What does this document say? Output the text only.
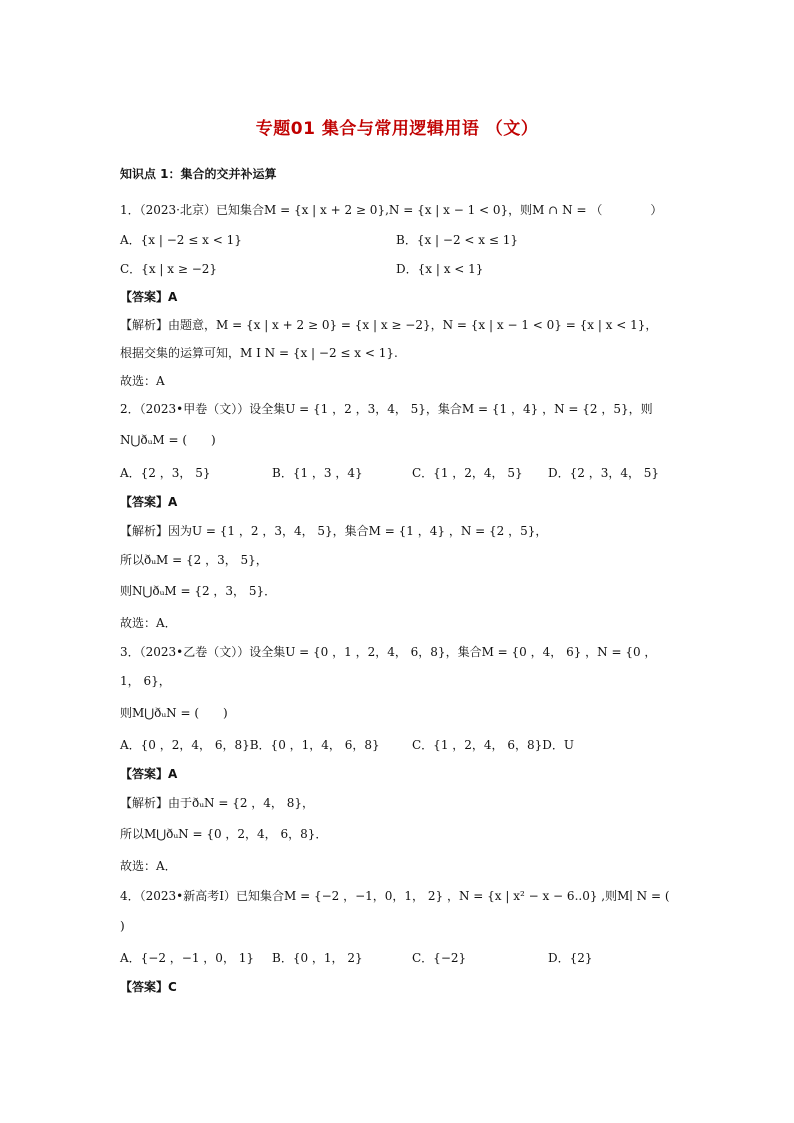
专题01 集合与常用逻辑用语 （文）
知识点 1：集合的交并补运算
1．（2023·北京）已知集合M = {x | x + 2 ≥ 0},N = {x | x − 1 < 0}，则M ∩ N = （　　　　）
A．{x | −2 ≤ x < 1}	B．{x | −2 < x ≤ 1}
C．{x | x ≥ −2}	D．{x | x < 1}
【答案】A
【解析】由题意，M = {x | x + 2 ≥ 0} = {x | x ≥ −2}，N = {x | x − 1 < 0} = {x | x < 1}，
根据交集的运算可知，M I N = {x | −2 ≤ x < 1}.
故选：A
2．（2023•甲卷（文））设全集U = {1 ，2 ，3，4， 5}，集合M = {1 ，4} ，N = {2 ，5}，则
N⋃ðᵤM = (　　)
A．{2 ，3， 5}	B．{1 ，3 ，4}	C．{1 ，2，4， 5} D．{2 ，3，4， 5}
【答案】A
【解析】因为U = {1 ，2 ，3，4， 5}，集合M = {1 ，4} ，N = {2 ，5}，
所以ðᵤM = {2 ，3， 5}，
则N⋃ðᵤM = {2 ，3， 5}．
故选：A．
3．（2023•乙卷（文））设全集U = {0 ，1 ，2，4， 6，8}，集合M = {0 ，4， 6} ，N = {0 ，
1， 6}，
则M⋃ðᵤN = (　　)
A．{0 ，2，4， 6，8}B．{0 ，1，4， 6，8}	C．{1 ，2，4， 6，8}D．U
【答案】A
【解析】由于ðᵤN = {2 ，4， 8}，
所以M⋃ðᵤN = {0 ，2，4， 6，8}．
故选：A．
4．（2023•新高考Ⅰ）已知集合M = {−2 ，−1，0，1， 2} ，N = {x | x² − x − 6..0} ,则M∣ N = (
)
A．{−2 ，−1 ，0， 1} B．{0 ，1， 2}	C．{−2}	D．{2}
【答案】C
